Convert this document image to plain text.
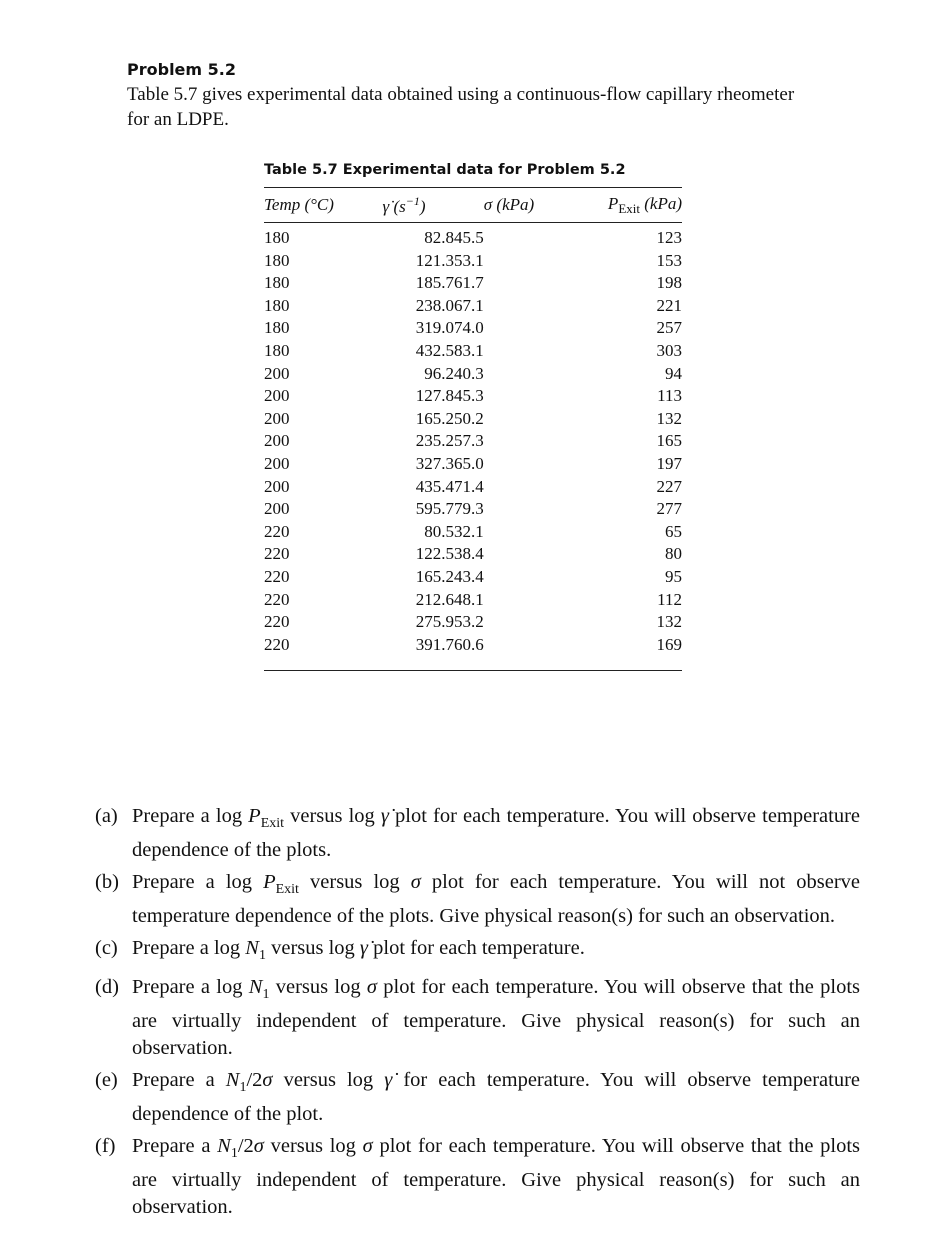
Problem 5.2

Table 5.7 gives experimental data obtained using a continuous-flow capillary rheometer for an LDPE.

Table 5.7 Experimental data for Problem 5.2
Temp (°C)	γ̇ $(s^{-1})$	σ (kPa)	$P_{Exit}$ (kPa)
180	82.8	45.5	123
180	121.3	53.1	153
180	185.7	61.7	198
180	238.0	67.1	221
180	319.0	74.0	257
180	432.5	83.1	303
200	96.2	40.3	94
200	127.8	45.3	113
200	165.2	50.2	132
200	235.2	57.3	165
200	327.3	65.0	197
200	435.4	71.4	227
200	595.7	79.3	277
220	80.5	32.1	65
220	122.5	38.4	80
220	165.2	43.4	95
220	212.6	48.1	112
220	275.9	53.2	132
220	391.7	60.6	169
(a) Prepare a $\log P_{Exit}$ versus log γ̇ plot for each temperature. You will observe temperature dependence of the plots.
(b) Prepare a $\log P_{Exit}$ versus log σ plot for each temperature. You will not observe temperature dependence of the plots. Give physical reason(s) for such an observation.
(c) Prepare a $\log N_1$ versus log γ̇ plot for each temperature.
(d) Prepare a $\log N_1$ versus log σ plot for each temperature. You will observe that the plots are virtually independent of temperature. Give physical reason(s) for such an observation.
(e) Prepare a $N_1/2\sigma$ versus log γ̇ for each temperature. You will observe temperature dependence of the plot.
(f) Prepare a $N_1/2\sigma$ versus log σ plot for each temperature. You will observe that the plots are virtually independent of temperature. Give physical reason(s) for such an observation.
